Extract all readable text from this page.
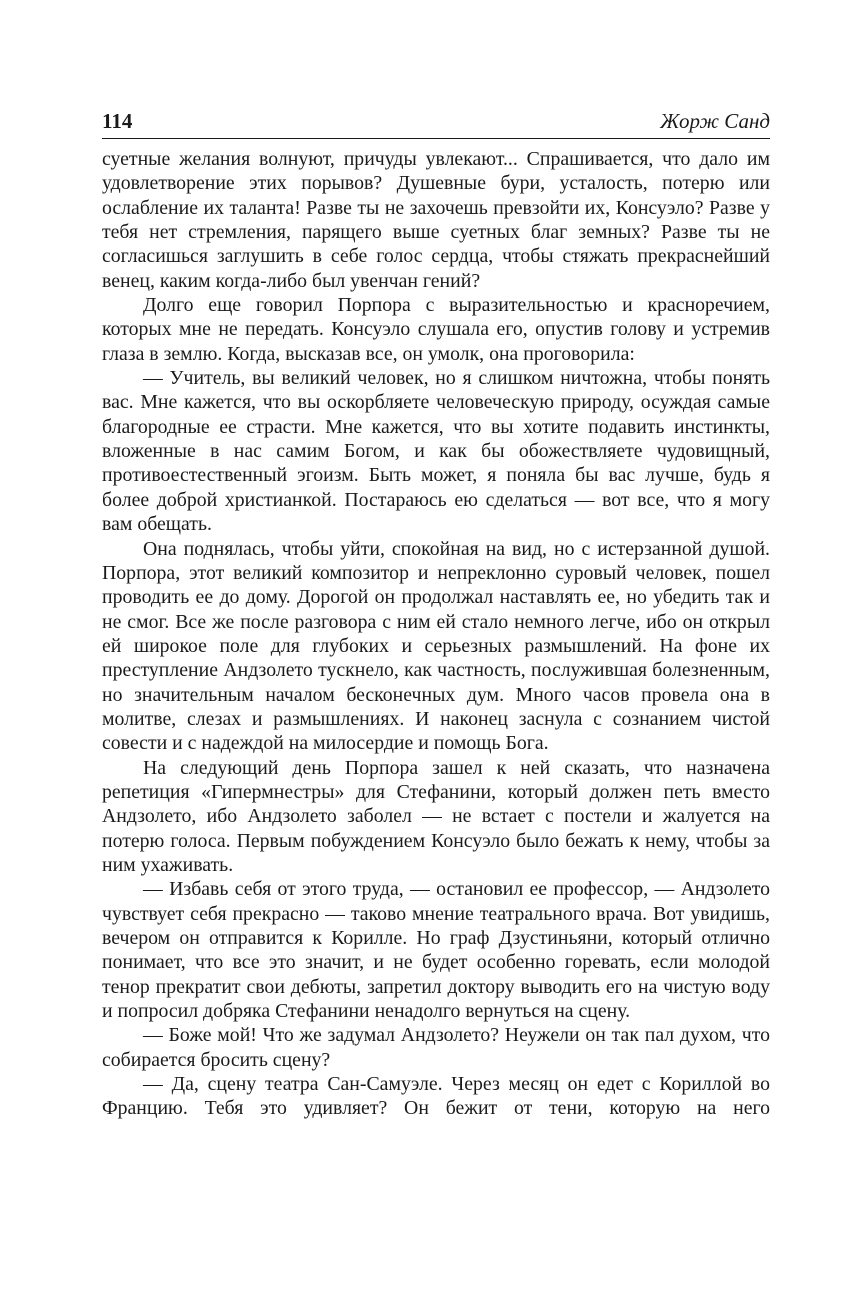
114	Жорж Санд

суетные желания волнуют, причуды увлекают... Спрашивается, что дало им удовлетворение этих порывов? Душевные бури, усталость, потерю или ослабление их таланта! Разве ты не захочешь превзойти их, Консуэло? Разве у тебя нет стремления, парящего выше суетных благ земных? Разве ты не согласишься заглушить в себе голос сердца, чтобы стяжать прекраснейший венец, каким когда-либо был увенчан гений?

Долго еще говорил Порпора с выразительностью и красноречием, которых мне не передать. Консуэло слушала его, опустив голову и устремив глаза в землю. Когда, высказав все, он умолк, она проговорила:

— Учитель, вы великий человек, но я слишком ничтожна, чтобы понять вас. Мне кажется, что вы оскорбляете человеческую природу, осуждая самые благородные ее страсти. Мне кажется, что вы хотите подавить инстинкты, вложенные в нас самим Богом, и как бы обожествляете чудовищный, противоестественный эгоизм. Быть может, я поняла бы вас лучше, будь я более доброй христианкой. Постараюсь ею сделаться — вот все, что я могу вам обещать.

Она поднялась, чтобы уйти, спокойная на вид, но с истерзанной душой. Порпора, этот великий композитор и непреклонно суровый человек, пошел проводить ее до дому. Дорогой он продолжал наставлять ее, но убедить так и не смог. Все же после разговора с ним ей стало немного легче, ибо он открыл ей широкое поле для глубоких и серьезных размышлений. На фоне их преступление Андзолето тускнело, как частность, послужившая болезненным, но значительным началом бесконечных дум. Много часов провела она в молитве, слезах и размышлениях. И наконец заснула с сознанием чистой совести и с надеждой на милосердие и помощь Бога.

На следующий день Порпора зашел к ней сказать, что назначена репетиция «Гипермнестры» для Стефанини, который должен петь вместо Андзолето, ибо Андзолето заболел — не встает с постели и жалуется на потерю голоса. Первым побуждением Консуэло было бежать к нему, чтобы за ним ухаживать.

— Избавь себя от этого труда, — остановил ее профессор, — Андзолето чувствует себя прекрасно — таково мнение театрального врача. Вот увидишь, вечером он отправится к Корилле. Но граф Дзустиньяни, который отлично понимает, что все это значит, и не будет особенно горевать, если молодой тенор прекратит свои дебюты, запретил доктору выводить его на чистую воду и попросил добряка Стефанини ненадолго вернуться на сцену.

— Боже мой! Что же задумал Андзолето? Неужели он так пал духом, что собирается бросить сцену?

— Да, сцену театра Сан-Самуэле. Через месяц он едет с Кориллой во Францию. Тебя это удивляет? Он бежит от тени, которую на него
